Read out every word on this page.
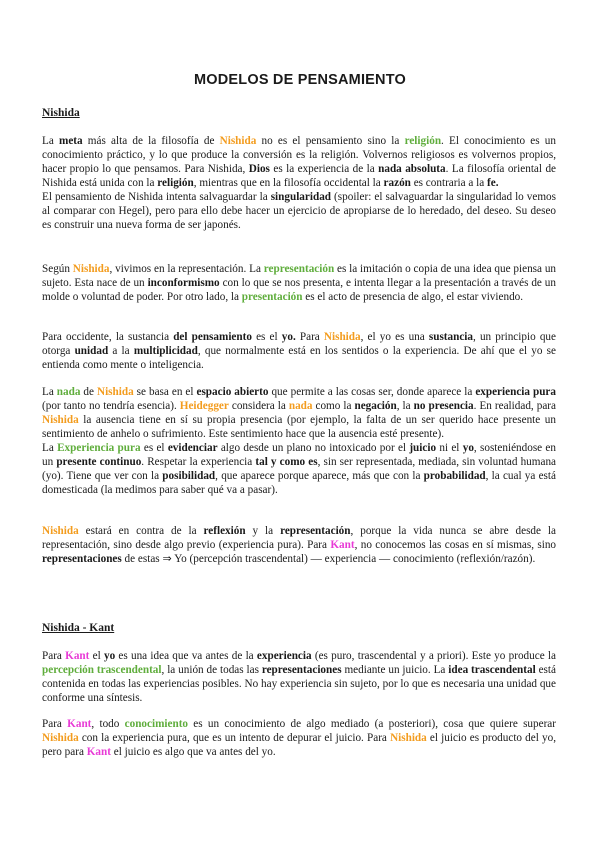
MODELOS DE PENSAMIENTO
Nishida

La meta más alta de la filosofía de Nishida no es el pensamiento sino la religión. El conocimiento es un conocimiento práctico, y lo que produce la conversión es la religión. Volvernos religiosos es volvernos propios, hacer propio lo que pensamos. Para Nishida, Dios es la experiencia de la nada absoluta. La filosofía oriental de Nishida está unida con la religión, mientras que en la filosofía occidental la razón es contraria a la fe.

El pensamiento de Nishida intenta salvaguardar la singularidad (spoiler: el salvaguardar la singularidad lo vemos al comparar con Hegel), pero para ello debe hacer un ejercicio de apropiarse de lo heredado, del deseo. Su deseo es construir una nueva forma de ser japonés.

Según Nishida, vivimos en la representación. La representación es la imitación o copia de una idea que piensa un sujeto. Esta nace de un inconformismo con lo que se nos presenta, e intenta llegar a la presentación a través de un molde o voluntad de poder. Por otro lado, la presentación es el acto de presencia de algo, el estar viviendo.

Para occidente, la sustancia del pensamiento es el yo. Para Nishida, el yo es una sustancia, un principio que otorga unidad a la multiplicidad, que normalmente está en los sentidos o la experiencia. De ahí que el yo se entienda como mente o inteligencia.

La nada de Nishida se basa en el espacio abierto que permite a las cosas ser, donde aparece la experiencia pura (por tanto no tendría esencia). Heidegger considera la nada como la negación, la no presencia. En realidad, para Nishida la ausencia tiene en sí su propia presencia (por ejemplo, la falta de un ser querido hace presente un sentimiento de anhelo o sufrimiento. Este sentimiento hace que la ausencia esté presente).

La Experiencia pura es el evidenciar algo desde un plano no intoxicado por el juicio ni el yo, sosteniéndose en un presente continuo. Respetar la experiencia tal y como es, sin ser representada, mediada, sin voluntad humana (yo). Tiene que ver con la posibilidad, que aparece porque aparece, más que con la probabilidad, la cual ya está domesticada (la medimos para saber qué va a pasar).

Nishida estará en contra de la reflexión y la representación, porque la vida nunca se abre desde la representación, sino desde algo previo (experiencia pura). Para Kant, no conocemos las cosas en sí mismas, sino representaciones de estas ⇒ Yo (percepción trascendental) — experiencia — conocimiento (reflexión/razón).

Nishida - Kant

Para Kant el yo es una idea que va antes de la experiencia (es puro, trascendental y a priori). Este yo produce la percepción trascendental, la unión de todas las representaciones mediante un juicio. La idea trascendental está contenida en todas las experiencias posibles. No hay experiencia sin sujeto, por lo que es necesaria una unidad que conforme una síntesis.

Para Kant, todo conocimiento es un conocimiento de algo mediado (a posteriori), cosa que quiere superar Nishida con la experiencia pura, que es un intento de depurar el juicio. Para Nishida el juicio es producto del yo, pero para Kant el juicio es algo que va antes del yo.
